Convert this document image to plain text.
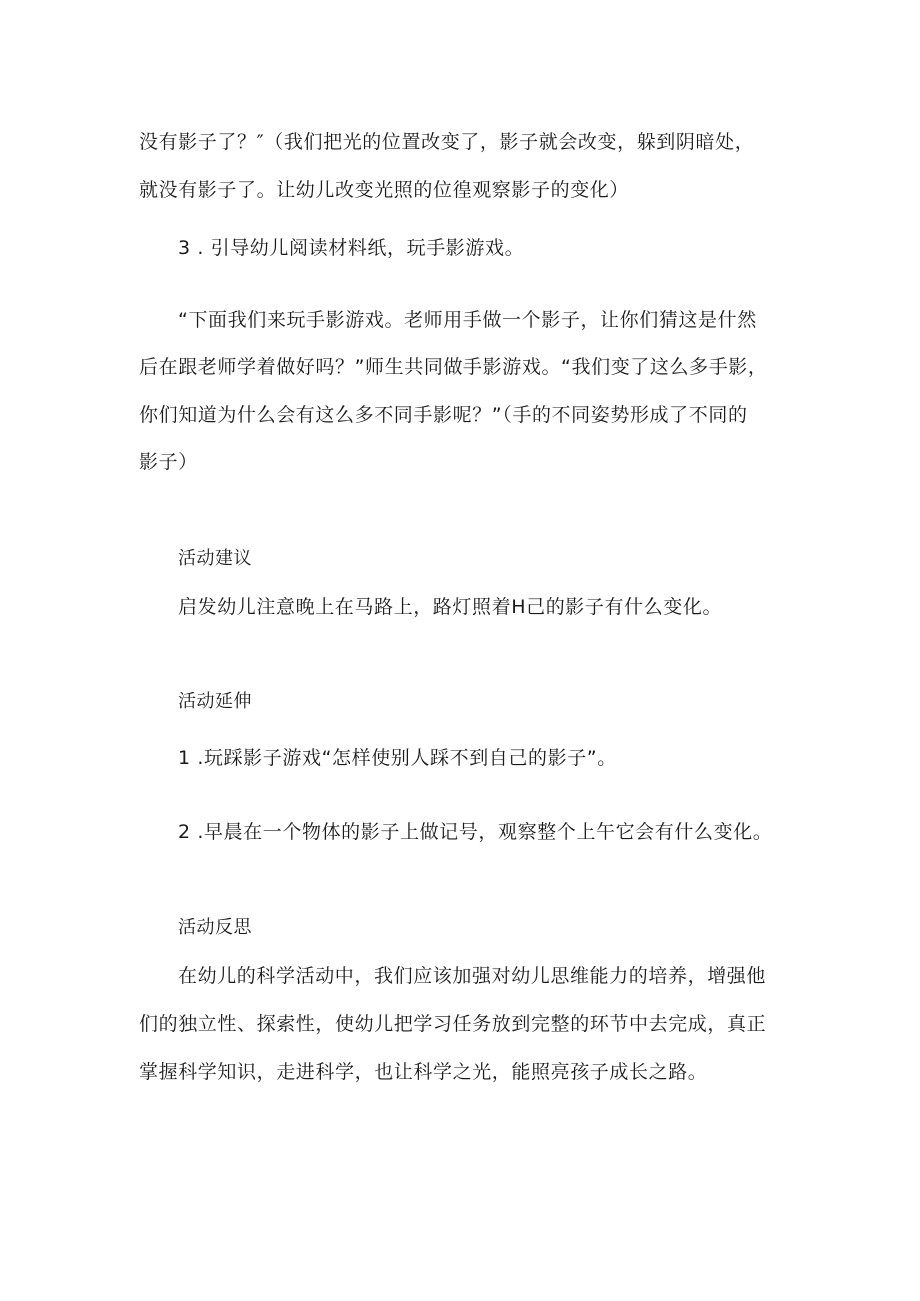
没有影子了？″（我们把光的位置改变了，影子就会改变，躲到阴暗处，
就没有影子了。让幼儿改变光照的位徨观察影子的变化）
3 . 引导幼儿阅读材料纸，玩手影游戏。
“下面我们来玩手影游戏。老师用手做一个影子，让你们猜这是什然
后在跟老师学着做好吗？”师生共同做手影游戏。“我们变了这么多手影，
你们知道为什么会有这么多不同手影呢？”（手的不同姿势形成了不同的
影子）
活动建议
启发幼儿注意晚上在马路上，路灯照着H己的影子有什么变化。
活动延伸
1 .玩踩影子游戏“怎样使别人踩不到自己的影子”。
2 .早晨在一个物体的影子上做记号，观察整个上午它会有什么变化。
活动反思
在幼儿的科学活动中，我们应该加强对幼儿思维能力的培养，增强他
们的独立性、探索性，使幼儿把学习任务放到完整的环节中去完成，真正
掌握科学知识，走进科学，也让科学之光，能照亮孩子成长之路。
